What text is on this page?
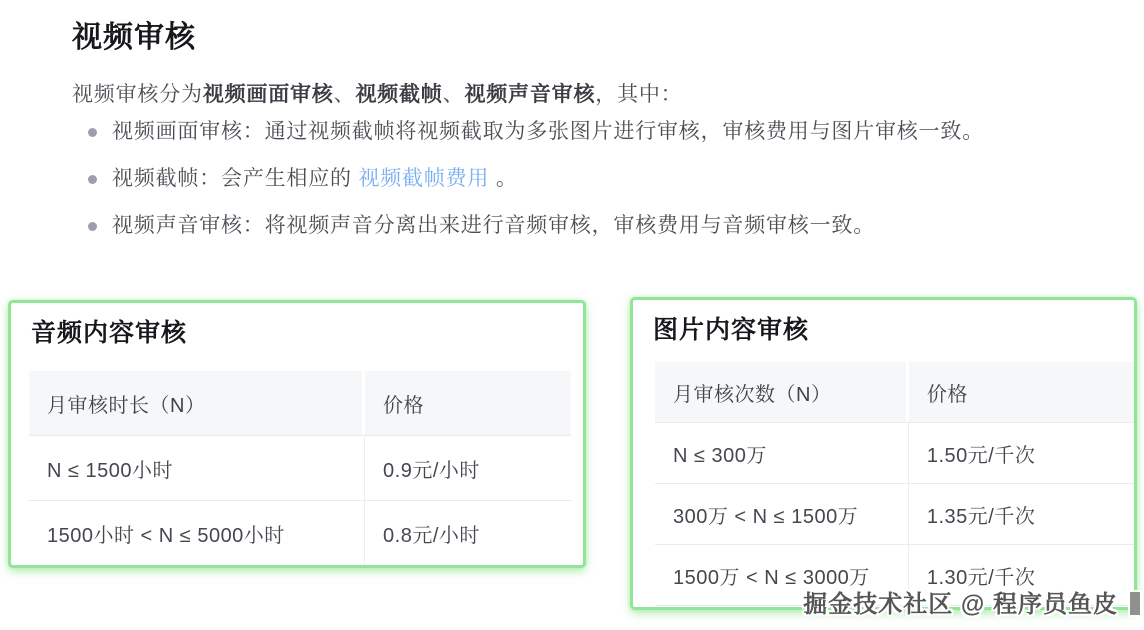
视频审核

视频审核分为视频画面审核、视频截帧、视频声音审核，其中：

视频画面审核：通过视频截帧将视频截取为多张图片进行审核，审核费用与图片审核一致。
视频截帧：会产生相应的 视频截帧费用 。
视频声音审核：将视频声音分离出来进行音频审核，审核费用与音频审核一致。
音频内容审核
月审核时长（N）	价格
N ≤ 1500小时	0.9元/小时
1500小时 < N ≤ 5000小时	0.8元/小时
图片内容审核
月审核次数（N）	价格
N ≤ 300万	1.50元/千次
300万 < N ≤ 1500万	1.35元/千次
1500万 < N ≤ 3000万	1.30元/千次
掘金技术社区 @ 程序员鱼皮
